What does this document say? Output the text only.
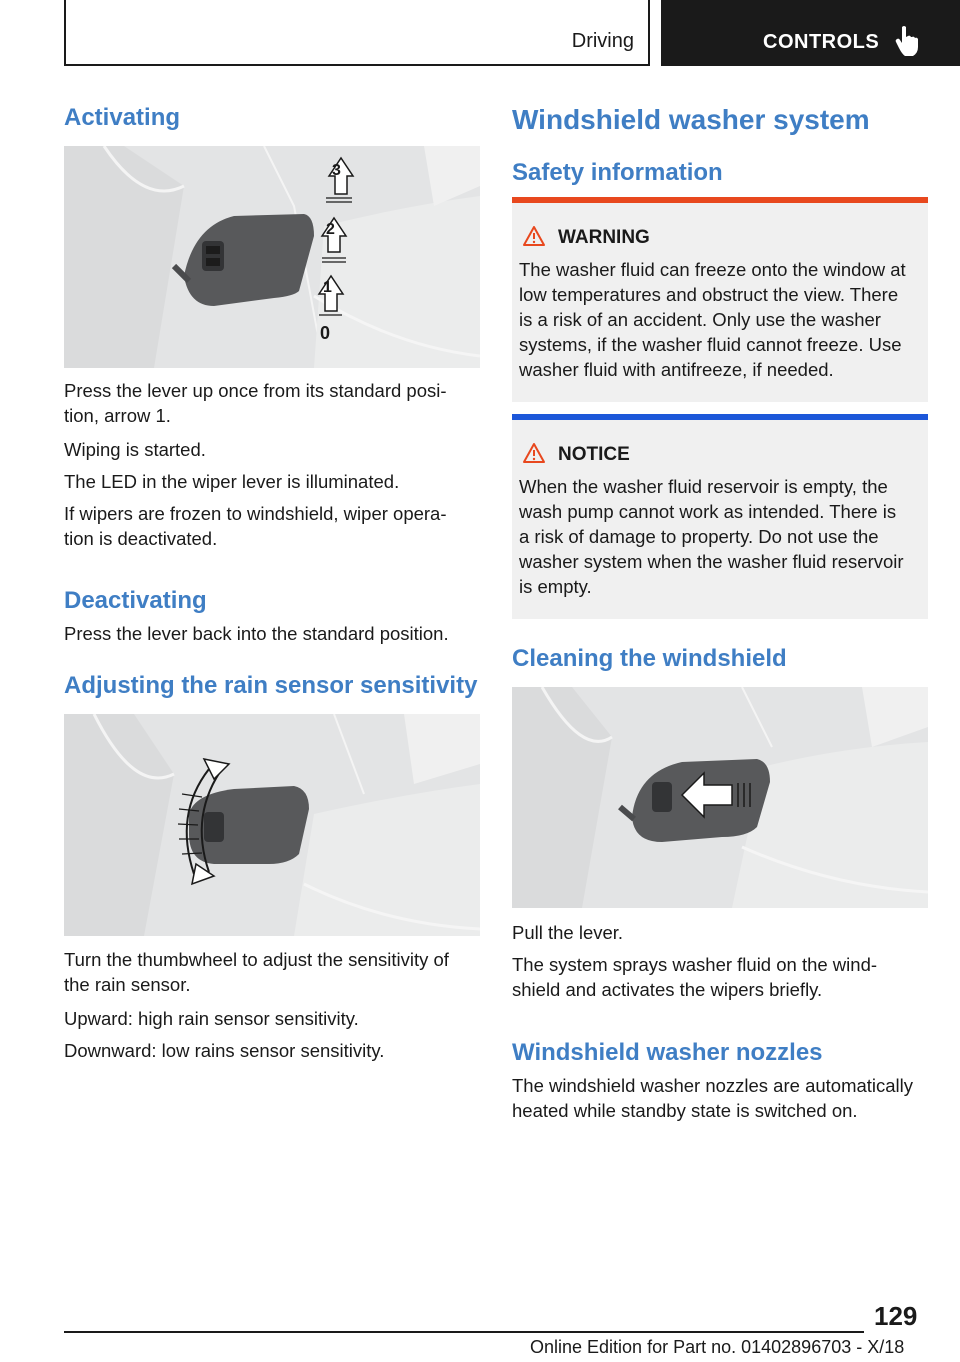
Driving	CONTROLS
Activating
3
2
1
0
Press the lever up once from its standard posi-
tion, arrow 1.
Wiping is started.
The LED in the wiper lever is illuminated.
If wipers are frozen to windshield, wiper opera-
tion is deactivated.
Deactivating
Press the lever back into the standard position.
Adjusting the rain sensor sensitivity
Turn the thumbwheel to adjust the sensitivity of
the rain sensor.
Upward: high rain sensor sensitivity.
Downward: low rains sensor sensitivity.
Windshield washer system
Safety information
WARNING
The washer fluid can freeze onto the window at
low temperatures and obstruct the view. There
is a risk of an accident. Only use the washer
systems, if the washer fluid cannot freeze. Use
washer fluid with antifreeze, if needed.
NOTICE
When the washer fluid reservoir is empty, the
wash pump cannot work as intended. There is
a risk of damage to property. Do not use the
washer system when the washer fluid reservoir
is empty.
Cleaning the windshield
Pull the lever.
The system sprays washer fluid on the wind-
shield and activates the wipers briefly.
Windshield washer nozzles
The windshield washer nozzles are automatically
heated while standby state is switched on.
129
Online Edition for Part no. 01402896703 - X/18
